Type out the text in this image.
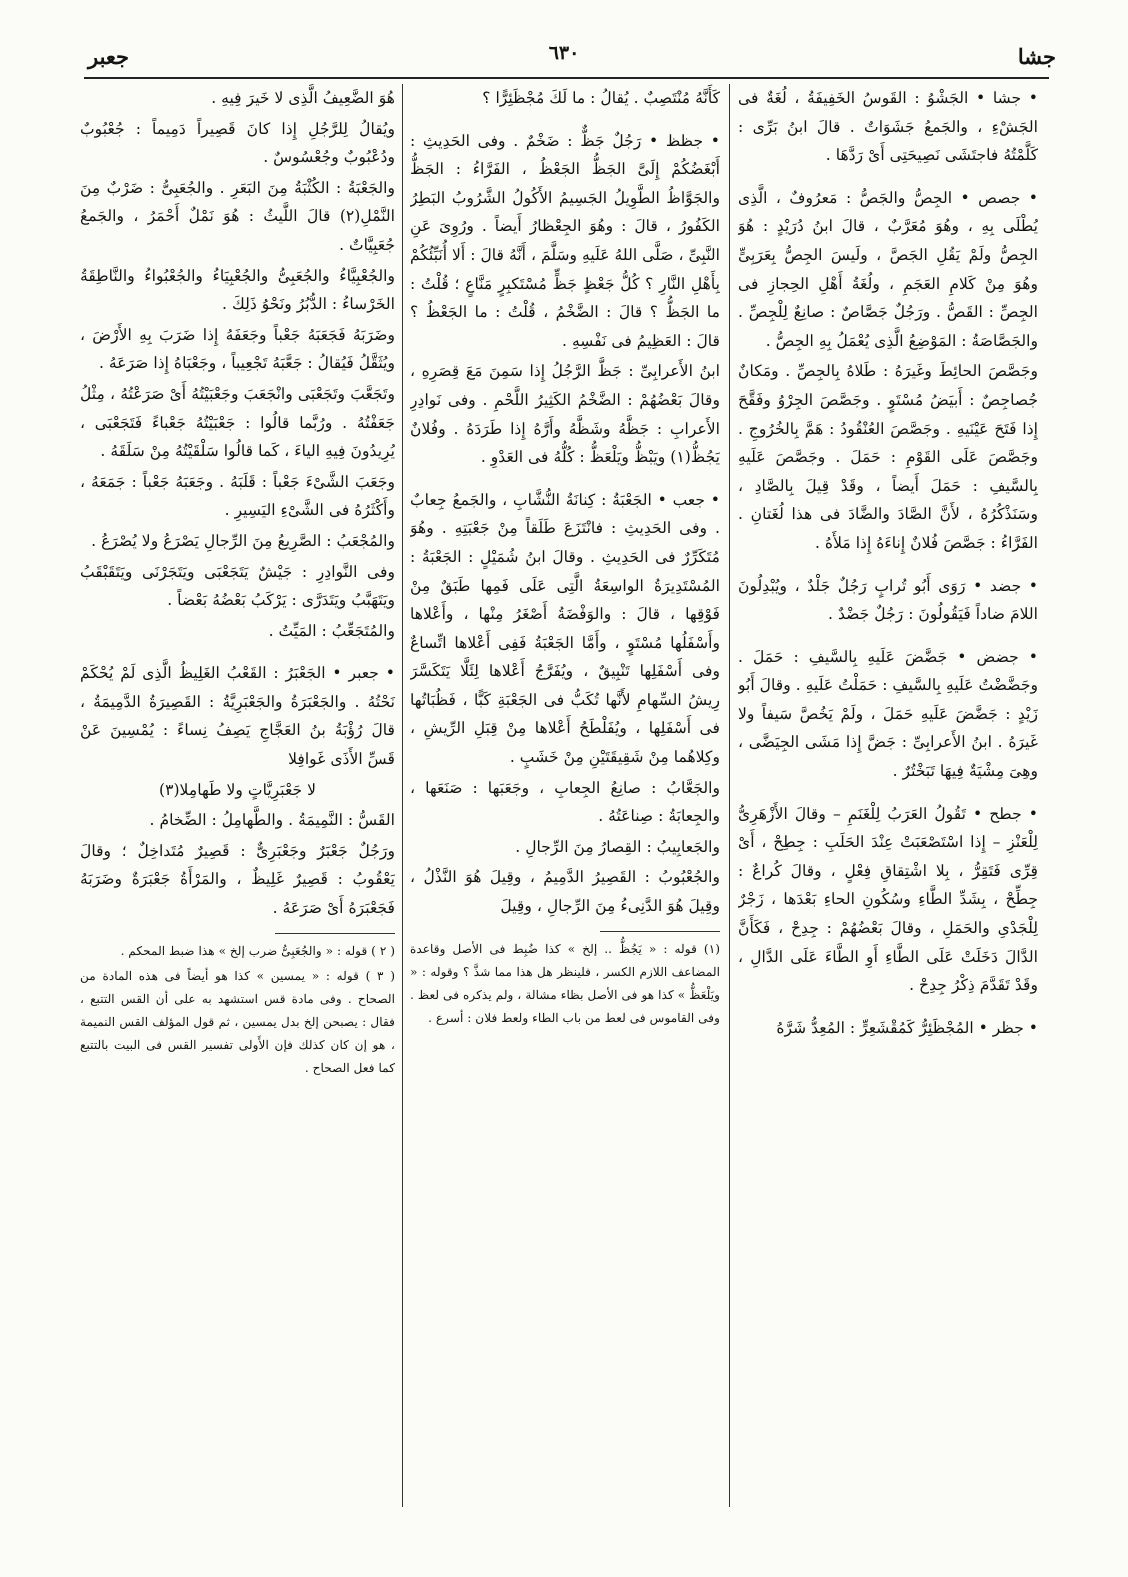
جشا
٦٣٠
جعبر

• جشا • الجَشْوُ : القَوسُ الخَفِيفَةُ ، لُغَةٌ فى الجَشْءِ ، والجَمعُ جَشَوَاتٌ . قالَ ابنُ بَرِّى : كَلَّمْتُهُ فاجتَشَى نَصِيحَتِى أَىْ رَدَّهَا .

• جصص • الجِصُّ والجَصُّ : مَعرُوفٌ ، الَّذِى يُطْلَى بِهِ ، وهُوَ مُعَرَّبٌ ، قالَ ابنُ دُرَيْدٍ : هُوَ الجِصُّ ولَمْ يَقُلِ الجَصَّ ، ولَيسَ الجِصُّ بِعَرَبِىٍّ وهُوَ مِنْ كَلامِ العَجَمِ ، ولُغَةُ أَهْلِ الحِجازِ فى الجِصِّ : القَصُّ . ورَجُلٌ جَصَّاصٌ : صانِعٌ لِلْجِصِّ . والجَصَّاصَةُ : المَوْضِعُ الَّذِى يُعْمَلُ بِهِ الجِصُّ .

وجَصَّصَ الحائِطَ وغَيرَهُ : طَلاهُ بِالجِصِّ . ومَكانٌ جُصاجِصٌ : أَبيَضُ مُسْتَوٍ . وجَصَّصَ الجِرْوُ وفَقَّحَ إِذا فَتَحَ عَيْنَيهِ . وجَصَّصَ العُنْقُودُ : هَمَّ بِالخُرُوجِ . وجَصَّصَ عَلَى القَوْمِ : حَمَلَ . وجَصَّصَ عَلَيهِ بِالسَّيفِ : حَمَلَ أَيضاً ، وقَدْ قِيلَ بِالصَّادِ ، وسَنَذْكُرُهُ ، لأَنَّ الصَّادَ والضَّادَ فى هذا لُغَتانِ . الفَرَّاءُ : جَصَّصَ فُلانٌ إِناءَهُ إِذا مَلأَهُ .

• جضد • رَوَى أَبُو تُرابٍ رَجُلٌ جَلْدٌ ، ويُبْدِلُونَ اللامَ ضاداً فَيَقُولُونَ : رَجُلٌ جَضْدٌ .

• جضض • جَضَّضَ عَلَيهِ بِالسَّيفِ : حَمَلَ . وجَضَّضْتُ عَلَيهِ بِالسَّيفِ : حَمَلْتُ عَلَيهِ . وقالَ أَبُو زَيْدٍ : جَضَّضَ عَلَيهِ حَمَلَ ، ولَمْ يَخُصَّ سَيفاً ولا غَيرَهُ . ابنُ الأَعرابِىِّ : جَضَّ إِذا مَشَى الجِيَضَّى ، وهِىَ مِشْيَةٌ فِيهَا تَبَخْتُرٌ .

• جطح • تَقُولُ العَرَبُ لِلْغَنَمِ – وقالَ الأَزْهَرِىُّ لِلْعَنْزِ – إِذا اسْتَصْعَبَتْ عِنْدَ الحَلَبِ : جِطِحْ ، أَىْ قِرِّى فَتَقِرُّ ، بِلا اشْتِقاقِ فِعْلٍ ، وقالَ كُراعٌ : جِطِّحْ ، بِشَدِّ الطَّاءِ وسُكُونِ الحاءِ بَعْدَها ، زَجْرٌ لِلْجَدْىِ والحَمَلِ ، وقالَ بَعْضُهُمْ : جِدِحْ ، فَكَأَنَّ الدَّالَ دَخَلَتْ عَلَى الطَّاءِ أَوِ الطَّاءَ عَلَى الدَّالِ ، وقَدْ تَقَدَّمَ ذِكْرُ جِدِحْ .

• جظر • المُجْظَئِرُّ كَمُقْشَعِرٍّ : المُعِدُّ شَرَّهُ

كَأَنَّهُ مُنْتَصِبٌ . يُقالُ : ما لَكَ مُجْظَئِرًّا ؟

• جظظ • رَجُلٌ جَظٌّ : ضَخْمٌ . وفى الحَدِيثِ : أَبْغَضُكُمْ إِلَىَّ الجَظُّ الجَعْظُ ، الفَرَّاءُ : الجَظُّ والجَوَّاظُ الطَّوِيلُ الجَسِيمُ الأَكُولُ الشَّرُوبُ البَطِرُ الكَفُورُ ، قالَ : وهُوَ الجِعْظارُ أَيضاً . ورُوِىَ عَنِ النَّبِىِّ ، صَلَّى اللهُ عَلَيهِ وسَلَّمَ ، أَنَّهُ قالَ : أَلا أُنَبِّئُكُمْ بِأَهْلِ النَّارِ ؟ كُلُّ جَعْظٍ جَظٍّ مُسْتَكبِرٍ مَنَّاعٍ ؛ قُلْتُ : ما الجَظُّ ؟ قالَ : الضَّخْمُ ، قُلْتُ : ما الجَعْظُ ؟ قالَ : العَظِيمُ فى نَفْسِهِ .

ابنُ الأَعرابِىِّ : جَظَّ الرَّجُلُ إِذا سَمِنَ مَعَ قِصَرِهِ ، وقالَ بَعْضُهُمْ : الضَّخْمُ الكَثِيرُ اللَّحْمِ . وفى نَوادِرِ الأَعرابِ : جَظَّهُ وشَظَّهُ وأَرَّهُ إِذا طَرَدَهُ . وفُلانٌ يَجُظُّ(١) ويَبْظُّ ويَلْعَظُّ : كُلُّهُ فى العَدْوِ .

• جعب • الجَعْبَةُ : كِنانَةُ النُّشَّابِ ، والجَمعُ جِعابٌ . وفى الحَدِيثِ : فانْتَزَعَ طَلَقاً مِنْ جَعْبَتِهِ . وهُوَ مُتَكَرِّرٌ فى الحَدِيثِ . وقالَ ابنُ شُمَيْلٍ : الجَعْبَةُ : المُسْتَدِيرَةُ الواسِعَةُ الَّتِى عَلَى فَمِها طَبَقٌ مِنْ فَوْقِها ، قالَ : والوَفْضَةُ أَصْغَرُ مِنْها ، وأَعْلاها وأَسْفَلُها مُسْتَوٍ ، وأَمَّا الجَعْبَةُ فَفِى أَعْلاها اتِّساعٌ وفى أَسْفَلِها تَنْبِيقٌ ، ويُفَرَّجُ أَعْلاها لِئَلَّا يَتَكَسَّرَ رِيشُ السِّهامِ لأَنَّها تُكَبُّ فى الجَعْبَةِ كَبًّا ، فَظُبَاتُها فى أَسْفَلِها ، ويُفَلْطَحُ أَعْلاها مِنْ قِبَلِ الرِّيشِ ، وكِلاهُما مِنْ شَقِيقَتَيْنِ مِنْ خَشَبٍ .

والجَعَّابُ : صانِعُ الجِعابِ ، وجَعَبَها : صَنَعَها ، والجِعابَةُ : صِناعَتُهُ .

والجَعابِيبُ : القِصارُ مِنَ الرِّجالِ .

والجُعْبُوبُ : القَصِيرُ الدَّمِيمُ ، وقِيلَ هُوَ النَّذْلُ ، وقِيلَ هُوَ الدَّنِىءُ مِنَ الرِّجالِ ، وقِيلَ

(١) قوله : « يَجُظُّ .. إلخ » كذا ضُبِط فى الأصل وقاعدة المضاعف اللازم الكسر ، فلينظر هل هذا مما شذَّ ؟ وقوله : « ويَلْعَظُّ » كذا هو فى الأصل بظاء مشالة ، ولم يذكره فى لعظ . وفى القاموس فى لعط من باب الطاء ولعط فلان : أسرع .

هُوَ الضَّعِيفُ الَّذِى لا خَيرَ فِيهِ .

ويُقالُ لِلرَّجُلِ إِذا كانَ قَصِيراً دَمِيماً : جُعْبُوبٌ ودُعْبُوبٌ وجُعْسُوسٌ .

والجَعْبَةُ : الكُثْبَةُ مِنَ البَعَرِ . والجُعَبِىُّ : ضَرْبٌ مِنَ النَّمْلِ(٢) قالَ اللَّيثُ : هُوَ نَمْلٌ أَحْمَرُ ، والجَمعُ جُعَبِيَّاتٌ .

والجُعْبِيَّاءُ والجُعَبِىُّ والجُعْبِيَاءُ والجُعْبُواءُ والنَّاطِقَةُ الخَرْساءُ : الدُّبُرُ ونَحْوُ ذَلِكَ .

وضَرَبَهُ فَجَعَبَهُ جَعْباً وجَعَفَهُ إِذا ضَرَبَ بِهِ الأَرْضَ ، ويُثَقَّلُ فَيُقالُ : جَعَّبَهُ تَجْعِيباً ، وجَعْبَاهُ إِذا صَرَعَهُ .

وتَجَعَّبَ وتَجَعْبَى وانْجَعَبَ وجَعْبَيْتُهُ أَىْ صَرَعْتُهُ ، مِثْلُ جَعَفْتُهُ . ورُبَّما قالُوا : جَعْبَيْتُهُ جَعْباءً فَتَجَعْبَى ، يُرِيدُونَ فِيهِ الياءَ ، كَما قالُوا سَلْقَيْتُهُ مِنْ سَلَقَهُ .

وجَعَبَ الشَّىْءَ جَعْباً : قَلَبَهُ . وجَعَبَهُ جَعْباً : جَمَعَهُ ، وأَكْثَرُهُ فى الشَّىْءِ اليَسِيرِ .

والمُجْعَبُ : الصَّرِيعُ مِنَ الرِّجالِ يَصْرَعُ ولا يُصْرَعُ .

وفى النَّوادِرِ : جَيْشٌ يَتَجَعْبَى ويَتَجَرْنَى ويَتَقَبْقَبُ ويَتَهَبَّبُ ويَتَدَرَّى : يَرْكَبُ بَعْضُهُ بَعْضاً .

والمُتَجَعِّبُ : المَيِّتُ .

• جعبر • الجَعْبَرُ : القَعْبُ الغَلِيظُ الَّذِى لَمْ يُحْكَمْ نَحْتُهُ . والجَعْبَرَةُ والجَعْبَرِيَّةُ : القَصِيرَةُ الدَّمِيمَةُ ، قالَ رُؤْبَةُ بنُ العَجَّاجِ يَصِفُ نِساءً : يُمْسِينَ عَنْ قَسِّ الأَذَى غَوافِلا

لا جَعْبَرِيَّاتٍ ولا طَهامِلا(٣)

القَسُّ : النَّمِيمَةُ . والطَّهامِلُ : الضِّخامُ .

ورَجُلٌ جَعْبَرٌ وجَعْبَرِىٌّ : قَصِيرٌ مُتَداخِلٌ ؛ وقالَ يَعْقُوبُ : قَصِيرٌ غَلِيظٌ ، والمَرْأَةُ جَعْبَرَةٌ وضَرَبَهُ فَجَعْبَرَهُ أَىْ صَرَعَهُ .

( ٢ ) قوله : « والجُعَبِىُّ ضرب إلخ » هذا ضبط المحكم .

( ٣ ) قوله : « يمسين » كذا هو أيضاً فى هذه المادة من الصحاح . وفى مادة قس استشهد به على أن القس التتبع ، فقال : يصبحن إلخ بدل يمسين ، ثم قول المؤلف القس النميمة ، هو إن كان كذلك فإن الأَولى تفسير القس فى البيت بالتتبع كما فعل الصحاح .
